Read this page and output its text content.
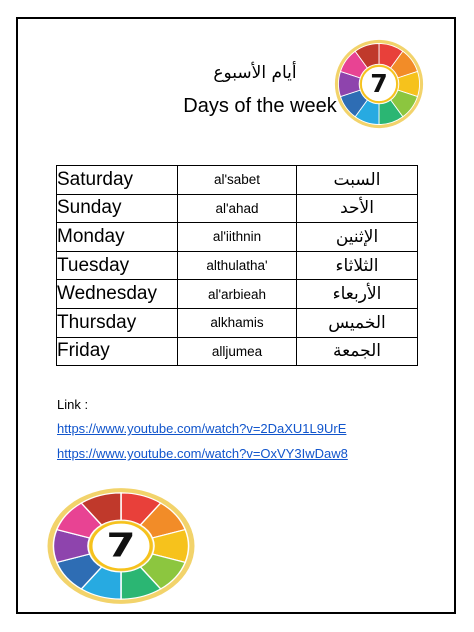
أيام الأسبوع
Days of the week
7
Saturday	al'sabet	السبت
Sunday	al'ahad	الأحد
Monday	al'iithnin	الإثنين
Tuesday	althulatha'	الثلاثاء
Wednesday	al'arbieah	الأربعاء
Thursday	alkhamis	الخميس
Friday	alljumea	الجمعة
Link :
https://www.youtube.com/watch?v=2DaXU1L9UrE
https://www.youtube.com/watch?v=OxVY3IwDaw8
7
